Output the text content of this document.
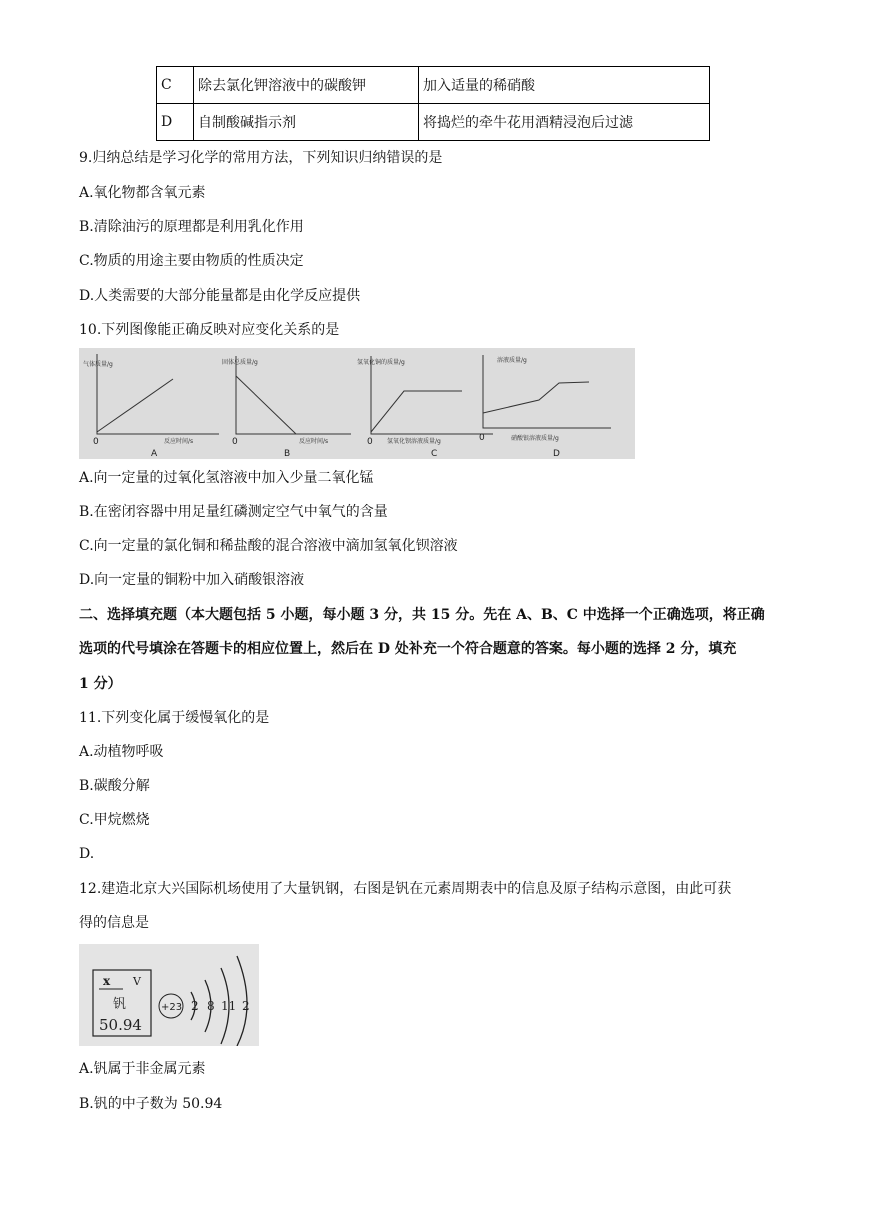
C	除去氯化钾溶液中的碳酸钾	加入适量的稀硝酸
D	自制酸碱指示剂	将捣烂的牵牛花用酒精浸泡后过滤
9.归纳总结是学习化学的常用方法，下列知识归纳错误的是
A.氧化物都含氧元素
B.清除油污的原理都是利用乳化作用
C.物质的用途主要由物质的性质决定
D.人类需要的大部分能量都是由化学反应提供
10.下列图像能正确反映对应变化关系的是
气体质量/g
反应时间/s
0
A
固体总质量/g
反应时间/s
0
B
氢氧化铜的质量/g
氢氧化钡溶液质量/g
0
C
溶液质量/g
硝酸银溶液质量/g
0
D
A.向一定量的过氧化氢溶液中加入少量二氧化锰
B.在密闭容器中用足量红磷测定空气中氧气的含量
C.向一定量的氯化铜和稀盐酸的混合溶液中滴加氢氧化钡溶液
D.向一定量的铜粉中加入硝酸银溶液
二、选择填充题（本大题包括 5 小题，每小题 3 分，共 15 分。先在 A、B、C 中选择一个正确选项，将正确
选项的代号填涂在答题卡的相应位置上，然后在 D 处补充一个符合题意的答案。每小题的选择 2 分，填充
1 分）
11.下列变化属于缓慢氧化的是
A.动植物呼吸
B.碳酸分解
C.甲烷燃烧
D.
12.建造北京大兴国际机场使用了大量钒钢，右图是钒在元素周期表中的信息及原子结构示意图，由此可获
得的信息是
x V
钒
50.94
+23 2 8 11 2
A.钒属于非金属元素
B.钒的中子数为 50.94
